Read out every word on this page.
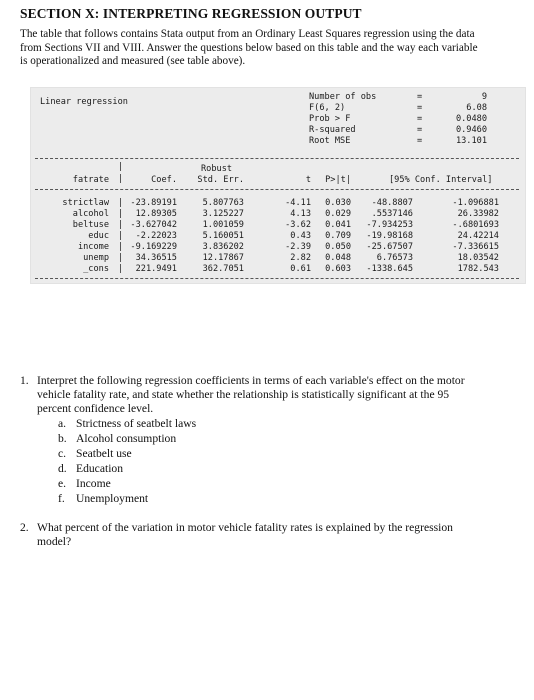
SECTION X: INTERPRETING REGRESSION OUTPUT
The table that follows contains Stata output from an Ordinary Least Squares regression using the data
from Sections VII and VIII. Answer the questions below based on this table and the way each variable
is operationalized and measured (see table above).
Linear regression	Number of obs	=	9
F(6, 2)	=	6.08
Prob > F	=	0.0480
R-squared	=	0.9460
Root MSE	=	13.101
|	Robust
fatrate |	Coef.	Std. Err.	t	P>|t|	[95% Conf. Interval]
strictlaw | -23.89191	5.807763	-4.11	0.030	-48.8807	-1.096881
alcohol |	12.89305	3.125227	4.13	0.029	.5537146	26.33982
beltuse | -3.627042	1.001059	-3.62	0.041	-7.934253	-.6801693
educ |	-2.22023	5.160051	0.43	0.709	-19.98168	24.42214
income | -9.169229	3.836202	-2.39	0.050	-25.67507	-7.336615
unemp |	34.36515	12.17867	2.82	0.048	6.76573	18.03542
_cons |	221.9491	362.7051	0.61	0.603	-1338.645	1782.543
1. Interpret the following regression coefficients in terms of each variable's effect on the motor
vehicle fatality rate, and state whether the relationship is statistically significant at the 95
percent confidence level.
a. Strictness of seatbelt laws
b. Alcohol consumption
c. Seatbelt use
d. Education
e. Income
f. Unemployment
2. What percent of the variation in motor vehicle fatality rates is explained by the regression
model?
